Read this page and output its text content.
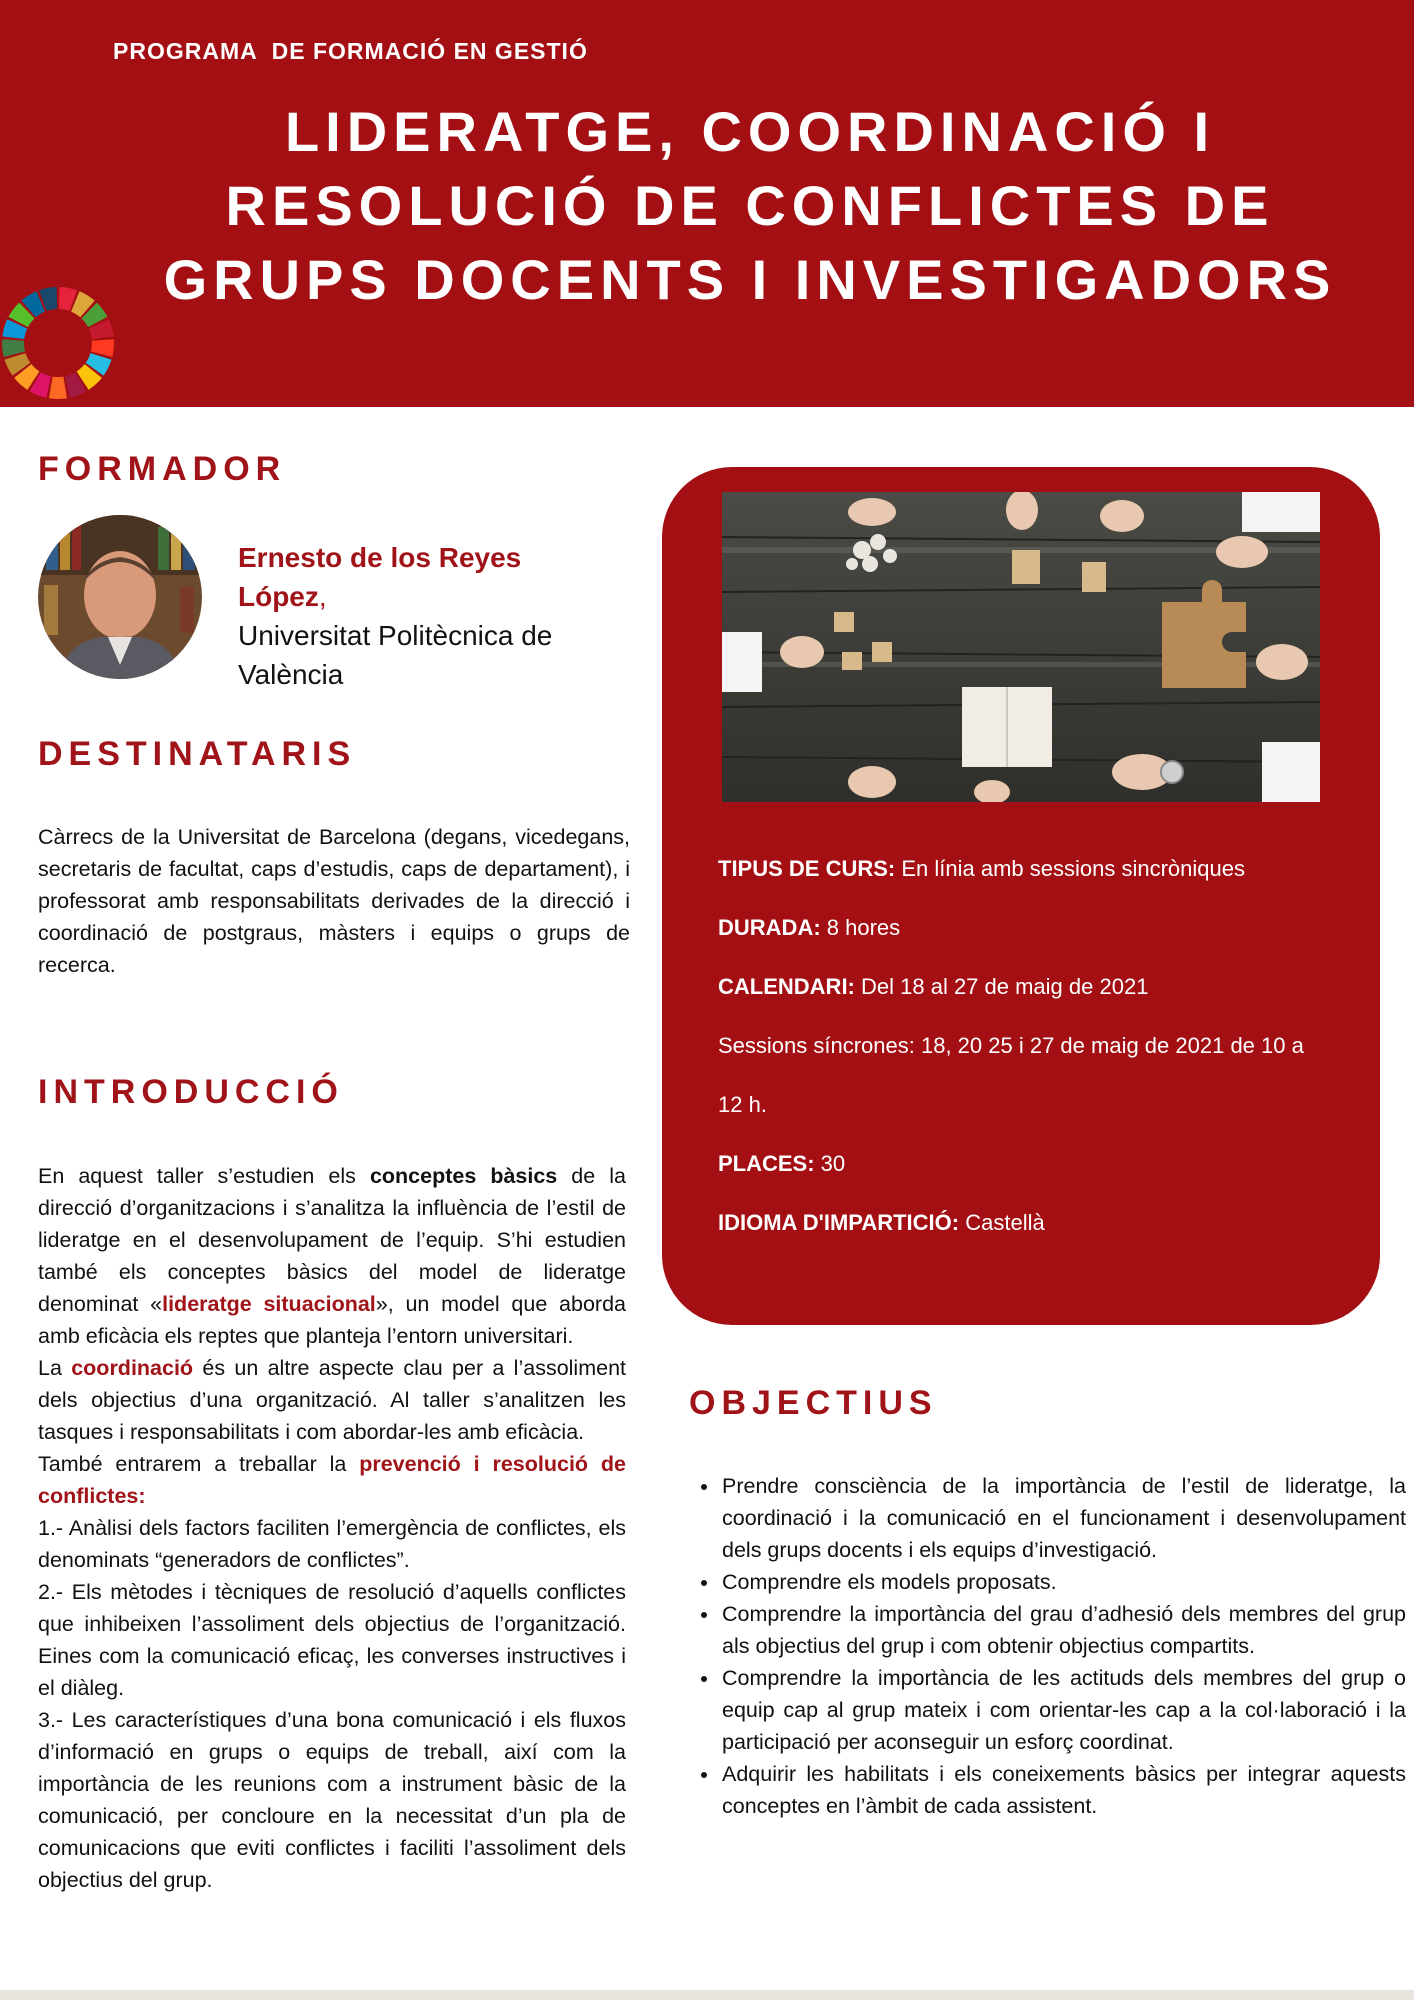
PROGRAMA  DE FORMACIÓ EN GESTIÓ
LIDERATGE, COORDINACIÓ I
RESOLUCIÓ DE CONFLICTES DE
GRUPS DOCENTS I INVESTIGADORS
FORMADOR
Ernesto de los Reyes López,
Universitat Politècnica de València
DESTINATARIS

Càrrecs de la Universitat de Barcelona (degans, vicedegans, secretaris de facultat, caps d’estudis, caps de departament), i professorat amb responsabilitats derivades de la direcció i coordinació de postgraus, màsters i equips o grups de recerca.

INTRODUCCIÓ

En aquest taller s’estudien els conceptes bàsics de la direcció d’organitzacions i s’analitza la influència de l’estil de lideratge en el desenvolupament de l’equip. S’hi estudien també els conceptes bàsics del model de lideratge denominat «lideratge situacional», un model que aborda amb eficàcia els reptes que planteja l’entorn universitari.

La coordinació és un altre aspecte clau per a l’assoliment dels objectius d’una organització. Al taller s’analitzen les tasques i responsabilitats i com abordar-les amb eficàcia.

També entrarem a treballar la prevenció i resolució de conflictes:

1.- Anàlisi dels factors faciliten l’emergència de conflictes, els denominats “generadors de conflictes”.

2.- Els mètodes i tècniques de resolució d’aquells conflictes que inhibeixen l’assoliment dels objectius de l’organització. Eines com la comunicació eficaç, les converses instructives i el diàleg.

3.- Les característiques d’una bona comunicació i els fluxos d’informació en grups o equips de treball, així com la importància de les reunions com a instrument bàsic de la comunicació, per concloure en la necessitat d’un pla de comunicacions que eviti conflictes i faciliti l’assoliment dels objectius del grup.

TIPUS DE CURS: En línia amb sessions sincròniques
DURADA: 8 hores
CALENDARI: Del 18 al 27 de maig de 2021
Sessions síncrones: 18, 20 25 i 27 de maig de 2021 de 10 a
12 h.
PLACES: 30
IDIOMA D'IMPARTICIÓ: Castellà
OBJECTIUS
• Prendre consciència de la importància de l’estil de lideratge, la coordinació i la comunicació en el funcionament i desenvolupament dels grups docents i els equips d’investigació.
• Comprendre els models proposats.
• Comprendre la importància del grau d’adhesió dels membres del grup als objectius del grup i com obtenir objectius compartits.
• Comprendre la importància de les actituds dels membres del grup o equip cap al grup mateix i com orientar-les cap a la col·laboració i la participació per aconseguir un esforç coordinat.
• Adquirir les habilitats i els coneixements bàsics per integrar aquests conceptes en l’àmbit de cada assistent.
